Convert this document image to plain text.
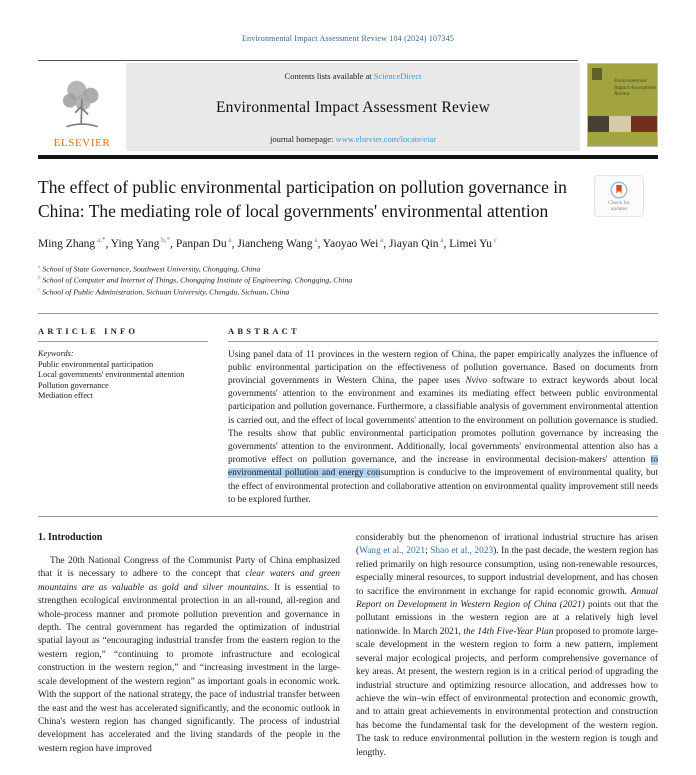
Environmental Impact Assessment Review 104 (2024) 107345
ELSEVIER
Contents lists available at ScienceDirect
Environmental Impact Assessment Review
journal homepage: www.elsevier.com/locate/eiar
Environmental Impact Assessment Review
The effect of public environmental participation on pollution governance in China: The mediating role of local governments' environmental attention	Check for
updates
Ming Zhang $^{a,*}$, Ying Yang $^{b,*}$, Panpan Du $^a$, Jiancheng Wang $^a$, Yaoyao Wei $^a$, Jiayan Qin $^a$, Limei Yu $^c$
$^a$ School of State Governance, Southwest University, Chongqing, China
$^b$ School of Computer and Internet of Things, Chongqing Institute of Engineering, Chongqing, China
$^c$ School of Public Administration, Sichuan University, Chengdu, Sichuan, China
ARTICLE INFO
Keywords:
Public environmental participation
Local governments' environmental attention
Pollution governance
Mediation effect
ABSTRACT
Using panel data of 11 provinces in the western region of China, the paper empirically analyzes the influence of public environmental participation on the effectiveness of pollution governance. Based on documents from provincial governments in Western China, the paper uses Nvivo software to extract keywords about local governments' attention to the environment and examines its mediating effect between public environmental participation and pollution governance. Furthermore, a classifiable analysis of government environmental attention is carried out, and the effect of local governments' attention to the environment on pollution governance is studied. The results show that public environmental participation promotes pollution governance by increasing the governments' attention to the environment. Additionally, local governments' environmental attention also has a promotive effect on pollution governance, and the increase in environmental decision-makers' attention to environmental pollution and energy consumption is conducive to the improvement of environmental quality, but the effect of environmental protection and collaborative attention on environmental quality improvement still needs to be explored further.
1. Introduction
The 20th National Congress of the Communist Party of China emphasized that it is necessary to adhere to the concept that clear waters and green mountains are as valuable as gold and silver mountains. It is essential to strengthen ecological environmental protection in an all-round, all-region and whole-process manner and promote pollution prevention and governance in depth. The central government has regarded the optimization of industrial spatial layout as “encouraging industrial transfer from the eastern region to the western region,” “continuing to promote infrastructure and ecological construction in the western region,” and “increasing investment in the large-scale development of the western region” as important goals in economic work. With the support of the national strategy, the pace of industrial transfer between the east and the west has accelerated significantly, and the economic outlook in China's western region has changed significantly. The process of industrial development has accelerated and the living standards of the people in the western region have improved
considerably but the phenomenon of irrational industrial structure has arisen (Wang et al., 2021; Shao et al., 2023). In the past decade, the western region has relied primarily on high resource consumption, using non-renewable resources, especially mineral resources, to support industrial development, and has chosen to sacrifice the environment in exchange for rapid economic growth. Annual Report on Development in Western Region of China (2021) points out that the pollutant emissions in the western region are at a relatively high level nationwide. In March 2021, the 14th Five-Year Plan proposed to promote large-scale development in the western region to form a new pattern, implement several major ecological projects, and perform comprehensive governance of key areas. At present, the western region is in a critical period of upgrading the industrial structure and optimizing resource allocation, and addresses how to achieve the win–win effect of environmental protection and economic growth, and to attain great achievements in environmental protection and construction has become the fundamental task for the development of the western region. The task to reduce environmental pollution in the western region is tough and lengthy.
